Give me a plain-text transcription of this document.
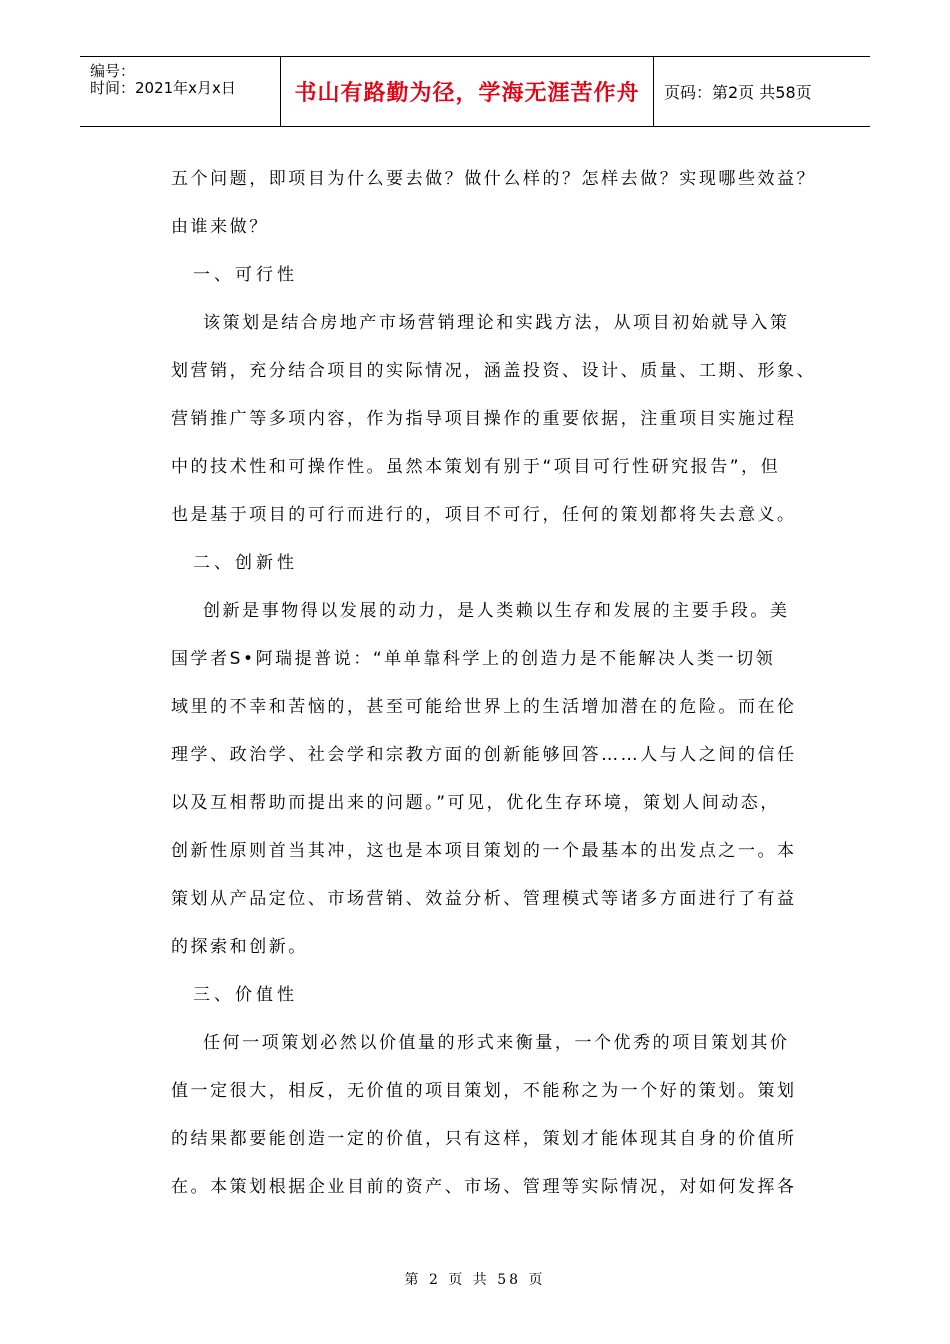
编号：
时间：2021年x月x日	书山有路勤为径，学海无涯苦作舟 页码：第2页 共58页
五个问题，即项目为什么要去做？做什么样的？怎样去做？实现哪些效益？
由谁来做？
一、可行性
该策划是结合房地产市场营销理论和实践方法，从项目初始就导入策
划营销，充分结合项目的实际情况，涵盖投资、设计、质量、工期、形象、
营销推广等多项内容，作为指导项目操作的重要依据，注重项目实施过程
中的技术性和可操作性。虽然本策划有别于“项目可行性研究报告”，但
也是基于项目的可行而进行的，项目不可行，任何的策划都将失去意义。
二、创新性
创新是事物得以发展的动力，是人类赖以生存和发展的主要手段。美
国学者S•阿瑞提普说：“单单靠科学上的创造力是不能解决人类一切领
域里的不幸和苦恼的，甚至可能给世界上的生活增加潜在的危险。而在伦
理学、政治学、社会学和宗教方面的创新能够回答……人与人之间的信任
以及互相帮助而提出来的问题。”可见，优化生存环境，策划人间动态，
创新性原则首当其冲，这也是本项目策划的一个最基本的出发点之一。本
策划从产品定位、市场营销、效益分析、管理模式等诸多方面进行了有益
的探索和创新。
三、价值性
任何一项策划必然以价值量的形式来衡量，一个优秀的项目策划其价
值一定很大，相反，无价值的项目策划，不能称之为一个好的策划。策划
的结果都要能创造一定的价值，只有这样，策划才能体现其自身的价值所
在。本策划根据企业目前的资产、市场、管理等实际情况，对如何发挥各
第 2 页 共 58 页
